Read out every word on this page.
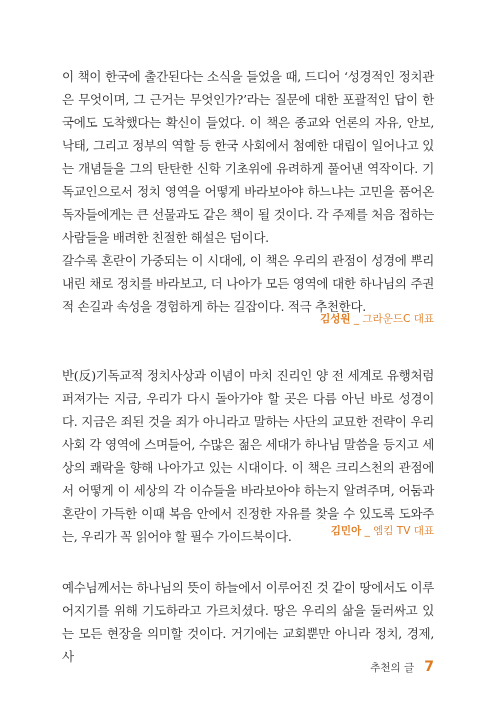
이 책이 한국에 출간된다는 소식을 들었을 때, 드디어 ‘성경적인 정치관은 무엇이며, 그 근거는 무엇인가?’라는 질문에 대한 포괄적인 답이 한국에도 도착했다는 확신이 들었다. 이 책은 종교와 언론의 자유, 안보, 낙태, 그리고 정부의 역할 등 한국 사회에서 첨예한 대립이 일어나고 있는 개념들을 그의 탄탄한 신학 기초위에 유려하게 풀어낸 역작이다. 기독교인으로서 정치 영역을 어떻게 바라보아야 하느냐는 고민을 품어온 독자들에게는 큰 선물과도 같은 책이 될 것이다. 각 주제를 처음 접하는 사람들을 배려한 친절한 해설은 덤이다.
갈수록 혼란이 가중되는 이 시대에, 이 책은 우리의 관점이 성경에 뿌리내린 채로 정치를 바라보고, 더 나아가 모든 영역에 대한 하나님의 주권적 손길과 속성을 경험하게 하는 길잡이다. 적극 추천한다.

김성원 _ 그라운드C 대표

반(反)기독교적 정치사상과 이념이 마치 진리인 양 전 세계로 유행처럼 퍼져가는 지금, 우리가 다시 돌아가야 할 곳은 다름 아닌 바로 성경이다. 지금은 죄된 것을 죄가 아니라고 말하는 사단의 교묘한 전략이 우리 사회 각 영역에 스며들어, 수많은 젊은 세대가 하나님 말씀을 등지고 세상의 쾌락을 향해 나아가고 있는 시대이다. 이 책은 크리스천의 관점에서 어떻게 이 세상의 각 이슈들을 바라보아야 하는지 알려주며, 어둠과 혼란이 가득한 이때 복음 안에서 진정한 자유를 찾을 수 있도록 도와주는, 우리가 꼭 읽어야 할 필수 가이드북이다.	김민아 _ 엠킴 TV 대표

예수님께서는 하나님의 뜻이 하늘에서 이루어진 것 같이 땅에서도 이루어지기를 위해 기도하라고 가르치셨다. 땅은 우리의 삶을 둘러싸고 있는 모든 현장을 의미할 것이다. 거기에는 교회뿐만 아니라 정치, 경제, 사

추천의 글 7
